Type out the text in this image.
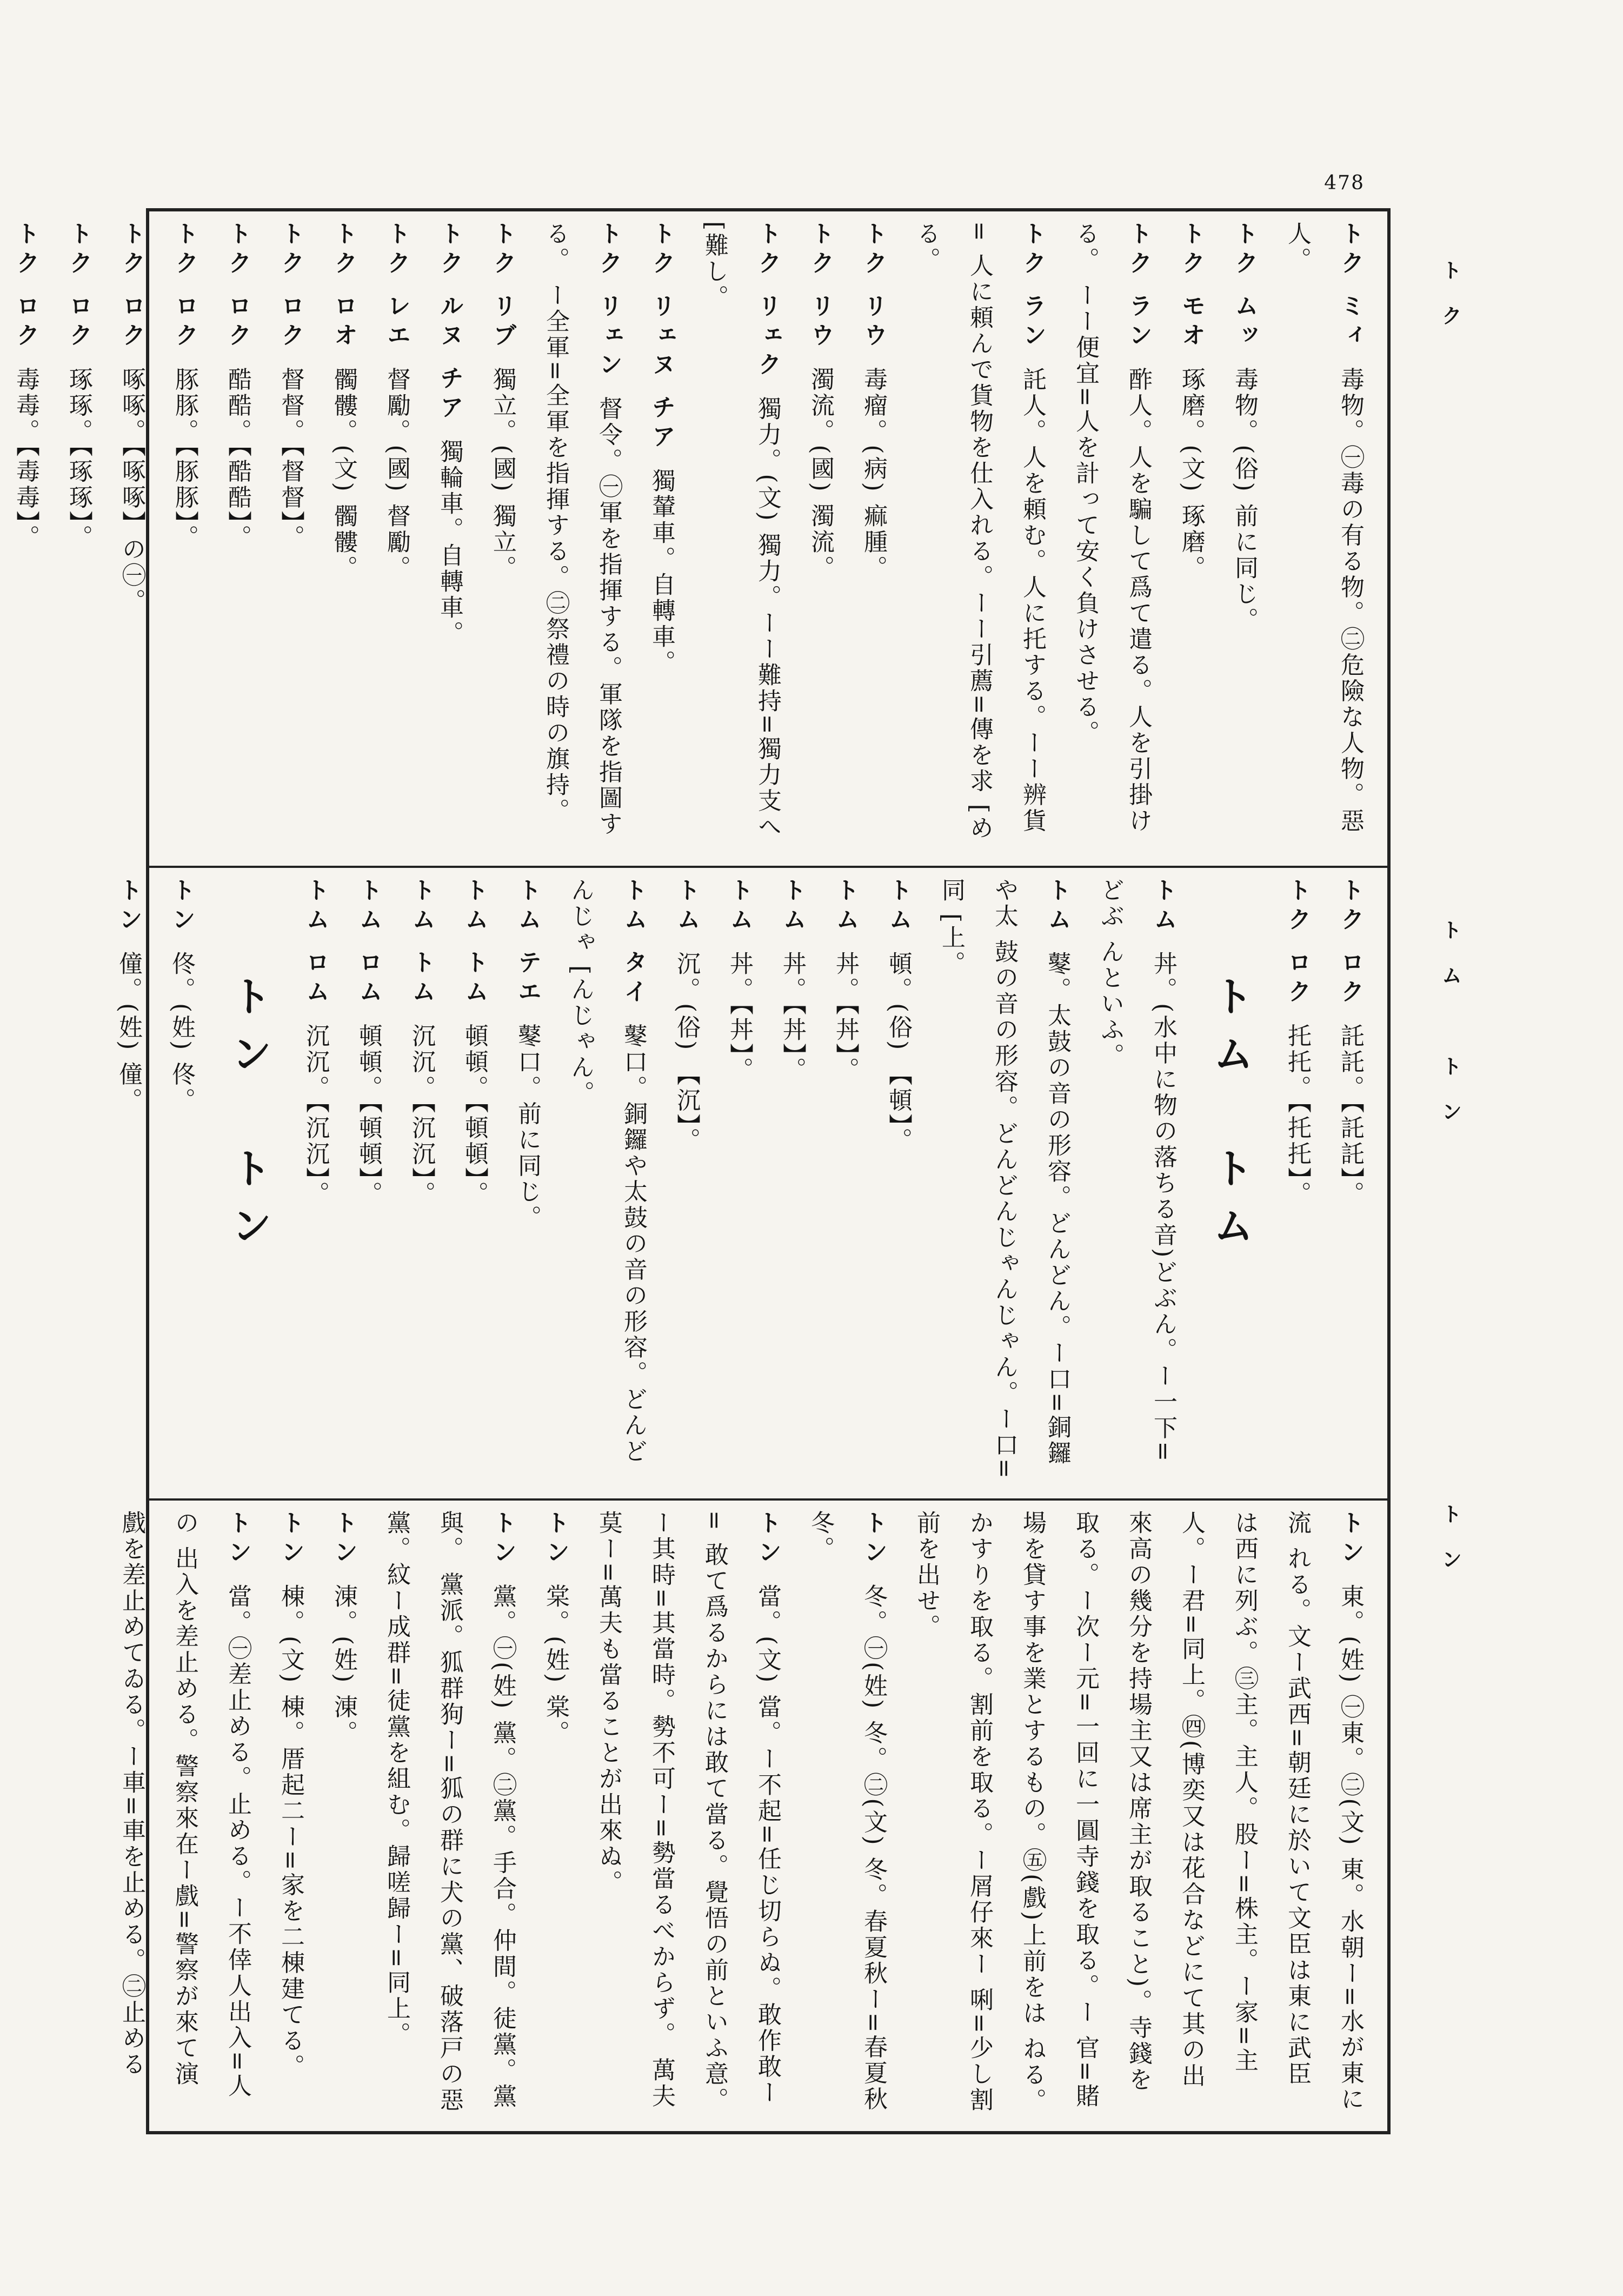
478
トク
トム　トン
トン
トク ミィ　毒物。㊀毒の有る物。㊁危險な人物。惡人。
トク ムッ　毒物。(俗) 前に同じ。
トク モオ　琢磨。(文) 琢磨。
トク ラン　酢人。人を騙して爲て遣る。人を引掛ける。 ーー便宜=人を計って安く負けさせる。
トク ラン　託人。人を頼む。人に托する。ーー辨貨= 人に頼んで貨物を仕入れる。ーー引薦=傳を求 [める。
トク リウ　毒瘤。(病) 痲腫。
トク リウ　濁流。(國) 濁流。
トク リェク　獨力。(文) 獨力。ーー難持=獨力支へ [難し。
トク リェヌ チア　獨輦車。自轉車。
トク リェン　督令。㊀軍を指揮する。軍隊を指圖する。 ー全軍=全軍を指揮する。㊁祭禮の時の旗持。
トク リブ　獨立。(國) 獨立。
トク ルヌ チア　獨輪車。自轉車。
トク レエ　督勵。(國) 督勵。
トク ロオ　髑髏。(文) 髑髏。
トク ロク　督督。【督督】。
トク ロク　酷酷。【酷酷】。
トク ロク　豚豚。【豚豚】。
トク ロク　啄啄。【啄啄】の㊀。
トク ロク　琢琢。【琢琢】。
トク ロク　毒毒。【毒毒】。
トク ロク　託託。【託託】。
トク ロク　托托。【托托】。
トム　トム
トム　丼。(水中に物の落ちる音)どぶん。ー一下=どぶ んといふ。
トム　鼕。太鼓の音の形容。どんどん。ー口=銅鑼や太 鼓の音の形容。どんどんじゃんじゃん。ー口=同 [上。
トム　頓。(俗) 【頓】。
トム　丼。【丼】。
トム　丼。【丼】。
トム　丼。【丼】。
トム　沉。(俗) 【沉】。
トム タイ　鼕口。銅鑼や太鼓の音の形容。どんどんじゃ [んじゃん。
トム テエ　鼕口。前に同じ。
トム トム　頓頓。【頓頓】。
トム トム　沉沉。【沉沉】。
トム ロム　頓頓。【頓頓】。
トム ロム　沉沉。【沉沉】。
トン　トン
トン　佟。(姓) 佟。
トン　僮。(姓) 僮。
トン　東。(姓) ㊀東。㊁(文) 東。水朝ー=水が東に流 れる。文ー武西=朝廷に於いて文臣は東に武臣 は西に列ぶ。㊂主。主人。股ー=株主。ー家=主 人。ー君=同上。㊃(博奕又は花合などにて其の出 來高の幾分を持場主又は席主が取ること)。寺錢を 取る。ー次ー元=一回に一圓寺錢を取る。ー 官=賭場を貸す事を業とするもの。㊄(戲)上前をは ねる。かすりを取る。割前を取る。ー屑仔來ー 唎=少し割前を出せ。
トン　冬。㊀(姓) 冬。㊁(文) 冬。春夏秋ー=春夏秋冬。
トン　當。(文) 當。ー不起=任じ切らぬ。敢作敢ー= 敢て爲るからには敢て當る。覺悟の前といふ意。 ー其時=其當時。勢不可ー=勢當るべからず。 萬夫莫ー=萬夫も當ることが出來ぬ。
トン　棠。(姓) 棠。
トン　黨。㊀(姓) 黨。㊁黨。手合。仲間。徒黨。黨與。 黨派。狐群狗ー=狐の群に犬の黨、破落戸の惡 黨。紋ー成群=徒黨を組む。歸嗟歸ー=同上。
トン　涷。(姓) 涷。
トン　棟。(文) 棟。厝起二ー=家を二棟建てる。
トン　當。㊀差止める。止める。ー不倖人出入=人の 出入を差止める。警察來在ー戲=警察が來て演 戲を差止めてゐる。ー車=車を止める。㊁止める
